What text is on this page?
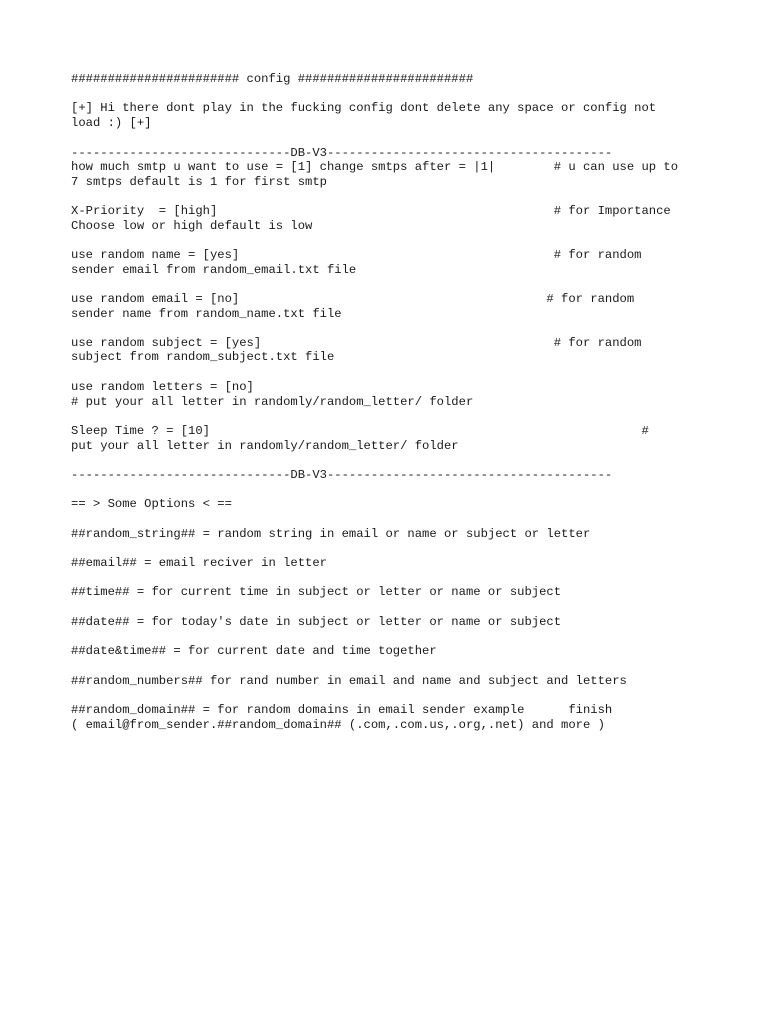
####################### config ########################

[+] Hi there dont play in the fucking config dont delete any space or config not

load :) [+]

------------------------------DB-V3---------------------------------------

how much smtp u want to use = [1] change smtps after = |1|        # u can use up to

7 smtps default is 1 for first smtp

X-Priority  = [high]                                              # for Importance

Choose low or high default is low

use random name = [yes]                                           # for random

sender email from random_email.txt file

use random email = [no]                                          # for random

sender name from random_name.txt file

use random subject = [yes]                                        # for random

subject from random_subject.txt file

use random letters = [no]

# put your all letter in randomly/random_letter/ folder

Sleep Time ? = [10]                                                           #

put your all letter in randomly/random_letter/ folder

------------------------------DB-V3---------------------------------------

== > Some Options < ==

##random_string## = random string in email or name or subject or letter

##email## = email reciver in letter

##time## = for current time in subject or letter or name or subject

##date## = for today's date in subject or letter or name or subject

##date&time## = for current date and time together

##random_numbers## for rand number in email and name and subject and letters

##random_domain## = for random domains in email sender example      finish

( email@from_sender.##random_domain## (.com,.com.us,.org,.net) and more )
